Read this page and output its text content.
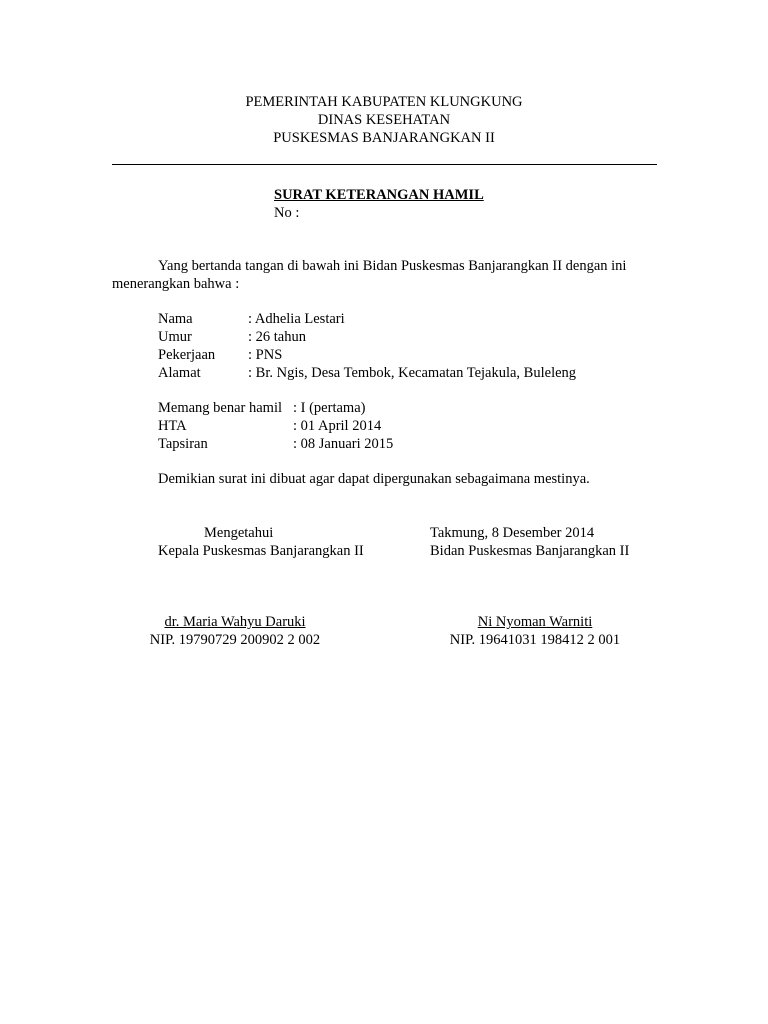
PEMERINTAH KABUPATEN KLUNGKUNG
DINAS KESEHATAN
PUSKESMAS BANJARANGKAN II
SURAT KETERANGAN HAMIL
No :
Yang bertanda tangan di bawah ini Bidan Puskesmas Banjarangkan II dengan ini
menerangkan bahwa :
Nama	: Adhelia Lestari
Umur	: 26 tahun
Pekerjaan : PNS
Alamat	: Br. Ngis, Desa Tembok, Kecamatan Tejakula, Buleleng
Memang benar hamil : I (pertama)
HTA	: 01 April 2014
Tapsiran	: 08 Januari 2015
Demikian surat ini dibuat agar dapat dipergunakan sebagaimana mestinya.
Mengetahui
Kepala Puskesmas Banjarangkan II
Takmung, 8 Desember 2014
Bidan Puskesmas Banjarangkan II
dr. Maria Wahyu Daruki
NIP. 19790729 200902 2 002
Ni Nyoman Warniti
NIP. 19641031 198412 2 001
